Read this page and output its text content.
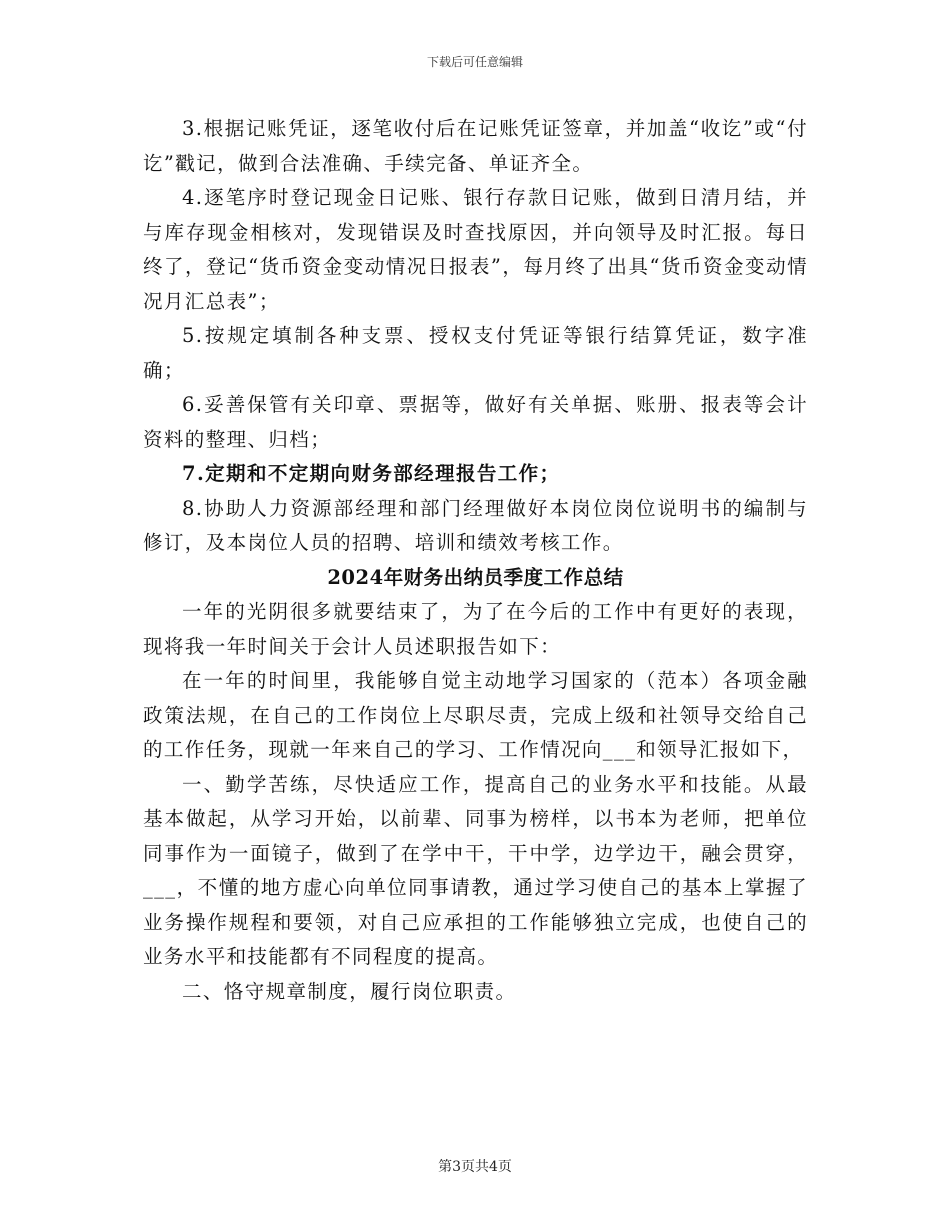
下载后可任意编辑

3.根据记账凭证，逐笔收付后在记账凭证签章，并加盖“收讫”或“付讫”戳记，做到合法准确、手续完备、单证齐全。

4.逐笔序时登记现金日记账、银行存款日记账，做到日清月结，并与库存现金相核对，发现错误及时查找原因，并向领导及时汇报。每日终了，登记“货币资金变动情况日报表”，每月终了出具“货币资金变动情况月汇总表”；

5.按规定填制各种支票、授权支付凭证等银行结算凭证，数字准确；

6.妥善保管有关印章、票据等，做好有关单据、账册、报表等会计资料的整理、归档；

7.定期和不定期向财务部经理报告工作；

8.协助人力资源部经理和部门经理做好本岗位岗位说明书的编制与修订，及本岗位人员的招聘、培训和绩效考核工作。

2024年财务出纳员季度工作总结

一年的光阴很多就要结束了，为了在今后的工作中有更好的表现，现将我一年时间关于会计人员述职报告如下：

在一年的时间里，我能够自觉主动地学习国家的（范本）各项金融政策法规，在自己的工作岗位上尽职尽责，完成上级和社领导交给自己的工作任务，现就一年来自己的学习、工作情况向___和领导汇报如下，

一、勤学苦练，尽快适应工作，提高自己的业务水平和技能。从最基本做起，从学习开始，以前辈、同事为榜样，以书本为老师，把单位同事作为一面镜子，做到了在学中干，干中学，边学边干，融会贯穿，___，不懂的地方虚心向单位同事请教，通过学习使自己的基本上掌握了业务操作规程和要领，对自己应承担的工作能够独立完成，也使自己的业务水平和技能都有不同程度的提高。

二、恪守规章制度，履行岗位职责。

第3页共4页
